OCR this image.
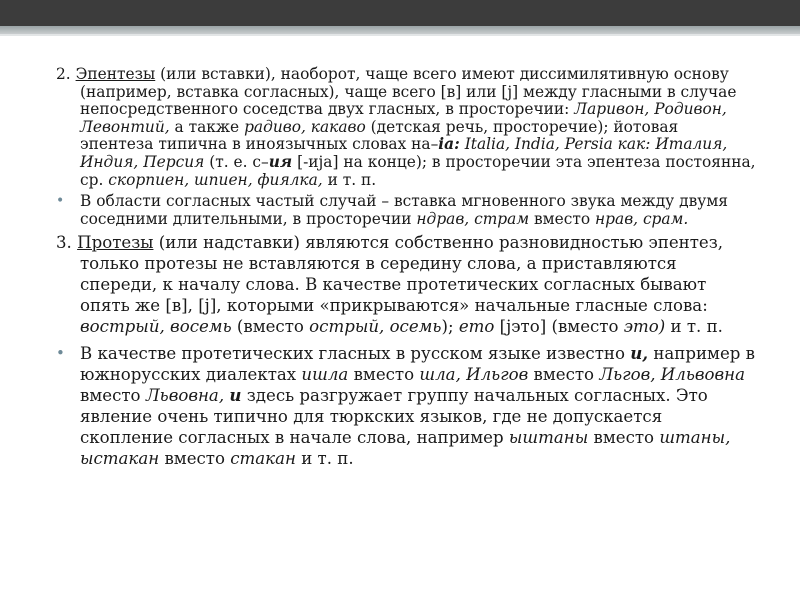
2. Эпентезы (или вставки), наоборот, чаще всего имеют диссимилятивную основу (например, вставка согласных), чаще всего [в] или [j] между гласными в случае непосредственного соседства двух гласных, в просторечии: Ларивон, Родивон, Левонтий, а также радиво, какаво (детская речь, просторечие); йотовая эпентеза типична в иноязычных словах на–ia: Italia, India, Persia как: Италия, Индия, Персия (т. е. с–ия [-ија] на конце); в просторечии эта эпентеза постоянна, ср. скорпиен, шпиен, фиялка, и т. п.

• В области согласных частый случай – вставка мгновенного звука между двумя соседними длительными, в просторечии ндрав, страм вместо нрав, срам.

3. Протезы (или надставки) являются собственно разновидностью эпентез, только протезы не вставляются в середину слова, а приставляются спереди, к началу слова. В качестве протетических согласных бывают опять же [в], [j], которыми «прикрываются» начальные гласные слова: вострый, восемь (вместо острый, осемь); ето [јэто] (вместо это) и т. п.

• В качестве протетических гласных в русском языке известно и, например в южнорусских диалектах ишла вместо шла, Ильгов вместо Льгов, Ильвовна вместо Львовна, и здесь разгружает группу начальных согласных. Это явление очень типично для тюркских языков, где не допускается скопление согласных в начале слова, например ыштаны вместо штаны, ыстакан вместо стакан и т. п.
